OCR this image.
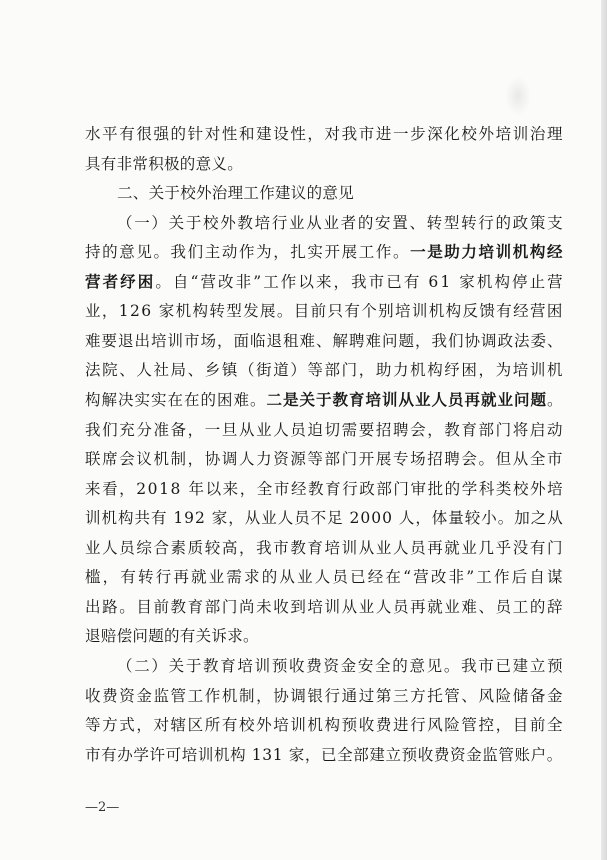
水 平 有 很 强 的 针 对 性 和 建 设 性 ， 对 我 市 进 一 步 深 化 校 外 培 训 治 理
具有非常积极的意义。
二、关于校外治理工作建议的意见
（ 一 ） 关 于 校 外 教 培 行 业 从 业 者 的 安 置 、 转 型 转 行 的 政 策 支
持 的 意 见 。 我 们 主 动 作 为 ， 扎 实 开 展 工 作 。 一 是 助 力 培 训 机 构 经
营 者 纾 困 。 自 “ 营 改 非 ” 工 作 以 来 ， 我 市 已 有
6 1
家 机 构 停 止 营
业 ， 1 2 6
家 机 构 转 型 发 展 。 目 前 只 有 个 别 培 训 机 构 反 馈 有 经 营 困
难 要 退 出 培 训 市 场 ， 面 临 退 租 难 、 解 聘 难 问 题 ， 我 们 协 调 政 法 委 、
法 院 、 人 社 局 、 乡 镇 （ 街 道 ） 等 部 门 ， 助 力 机 构 纾 困 ， 为 培 训 机
构 解 决 实 实 在 在 的 困 难 。 二 是 关 于 教 育 培 训 从 业 人 员 再 就 业 问 题 。
我 们 充 分 准 备 ， 一 旦 从 业 人 员 迫 切 需 要 招 聘 会 ， 教 育 部 门 将 启 动
联 席 会 议 机 制 ， 协 调 人 力 资 源 等 部 门 开 展 专 场 招 聘 会 。 但 从 全 市
来 看 ， 2 0 1 8
年 以 来 ， 全 市 经 教 育 行 政 部 门 审 批 的 学 科 类 校 外 培
训 机 构 共 有
1 9 2
家 ， 从 业 人 员 不 足
2 0 0 0
人 ， 体 量 较 小 。 加 之 从
业 人 员 综 合 素 质 较 高 ， 我 市 教 育 培 训 从 业 人 员 再 就 业 几 乎 没 有 门
槛 ， 有 转 行 再 就 业 需 求 的 从 业 人 员 已 经 在 “ 营 改 非 ” 工 作 后 自 谋
出 路 。 目 前 教 育 部 门 尚 未 收 到 培 训 从 业 人 员 再 就 业 难 、 员 工 的 辞
退赔偿问题的有关诉求。
（ 二 ） 关 于 教 育 培 训 预 收 费 资 金 安 全 的 意 见 。 我 市 已 建 立 预
收 费 资 金 监 管 工 作 机 制 ， 协 调 银 行 通 过 第 三 方 托 管 、 风 险 储 备 金
等 方 式 ， 对 辖 区 所 有 校 外 培 训 机 构 预 收 费 进 行 风 险 管 控 ， 目 前 全
市 有 办 学 许 可 培 训 机 构
1 3 1
家 ， 已 全 部 建 立 预 收 费 资 金 监 管 账 户 。
—2—
